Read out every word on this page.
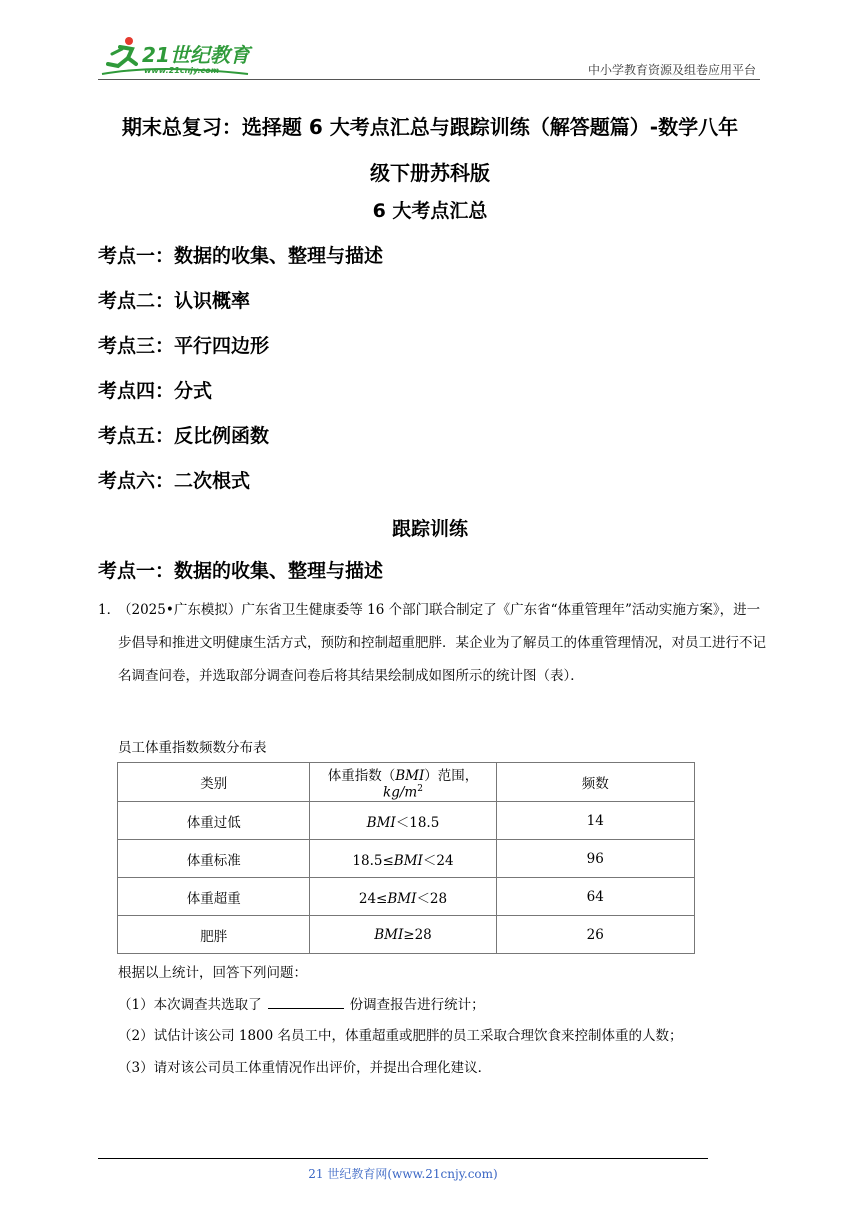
21世纪教育
www.21cnjy.com	中小学教育资源及组卷应用平台
期末总复习：选择题 6 大考点汇总与跟踪训练（解答题篇）-数学八年
级下册苏科版
6 大考点汇总
考点一：数据的收集、整理与描述
考点二：认识概率
考点三：平行四边形
考点四：分式
考点五：反比例函数
考点六：二次根式
跟踪训练
考点一：数据的收集、整理与描述
1．
（2025•广东模拟）广东省卫生健康委等 16 个部门联合制定了《广东省“体重管理年”活动实施方案》，进一步倡导和推进文明健康生活方式，预防和控制超重肥胖．某企业为了解员工的体重管理情况，对员工进行不记名调查问卷，并选取部分调查问卷后将其结果绘制成如图所示的统计图（表）．
员工体重指数频数分布表
类别	体重指数（BMI）范围，$kg/m^2$	频数
体重过低	BMI＜18.5	14
体重标准	18.5≤BMI＜24	96
体重超重	24≤BMI＜28	64
肥胖	BMI≥28	26
根据以上统计，回答下列问题：
（1）本次调查共选取了	份调查报告进行统计；
（2）试估计该公司 1800 名员工中，体重超重或肥胖的员工采取合理饮食来控制体重的人数；
（3）请对该公司员工体重情况作出评价，并提出合理化建议．
21 世纪教育网(www.21cnjy.com)
